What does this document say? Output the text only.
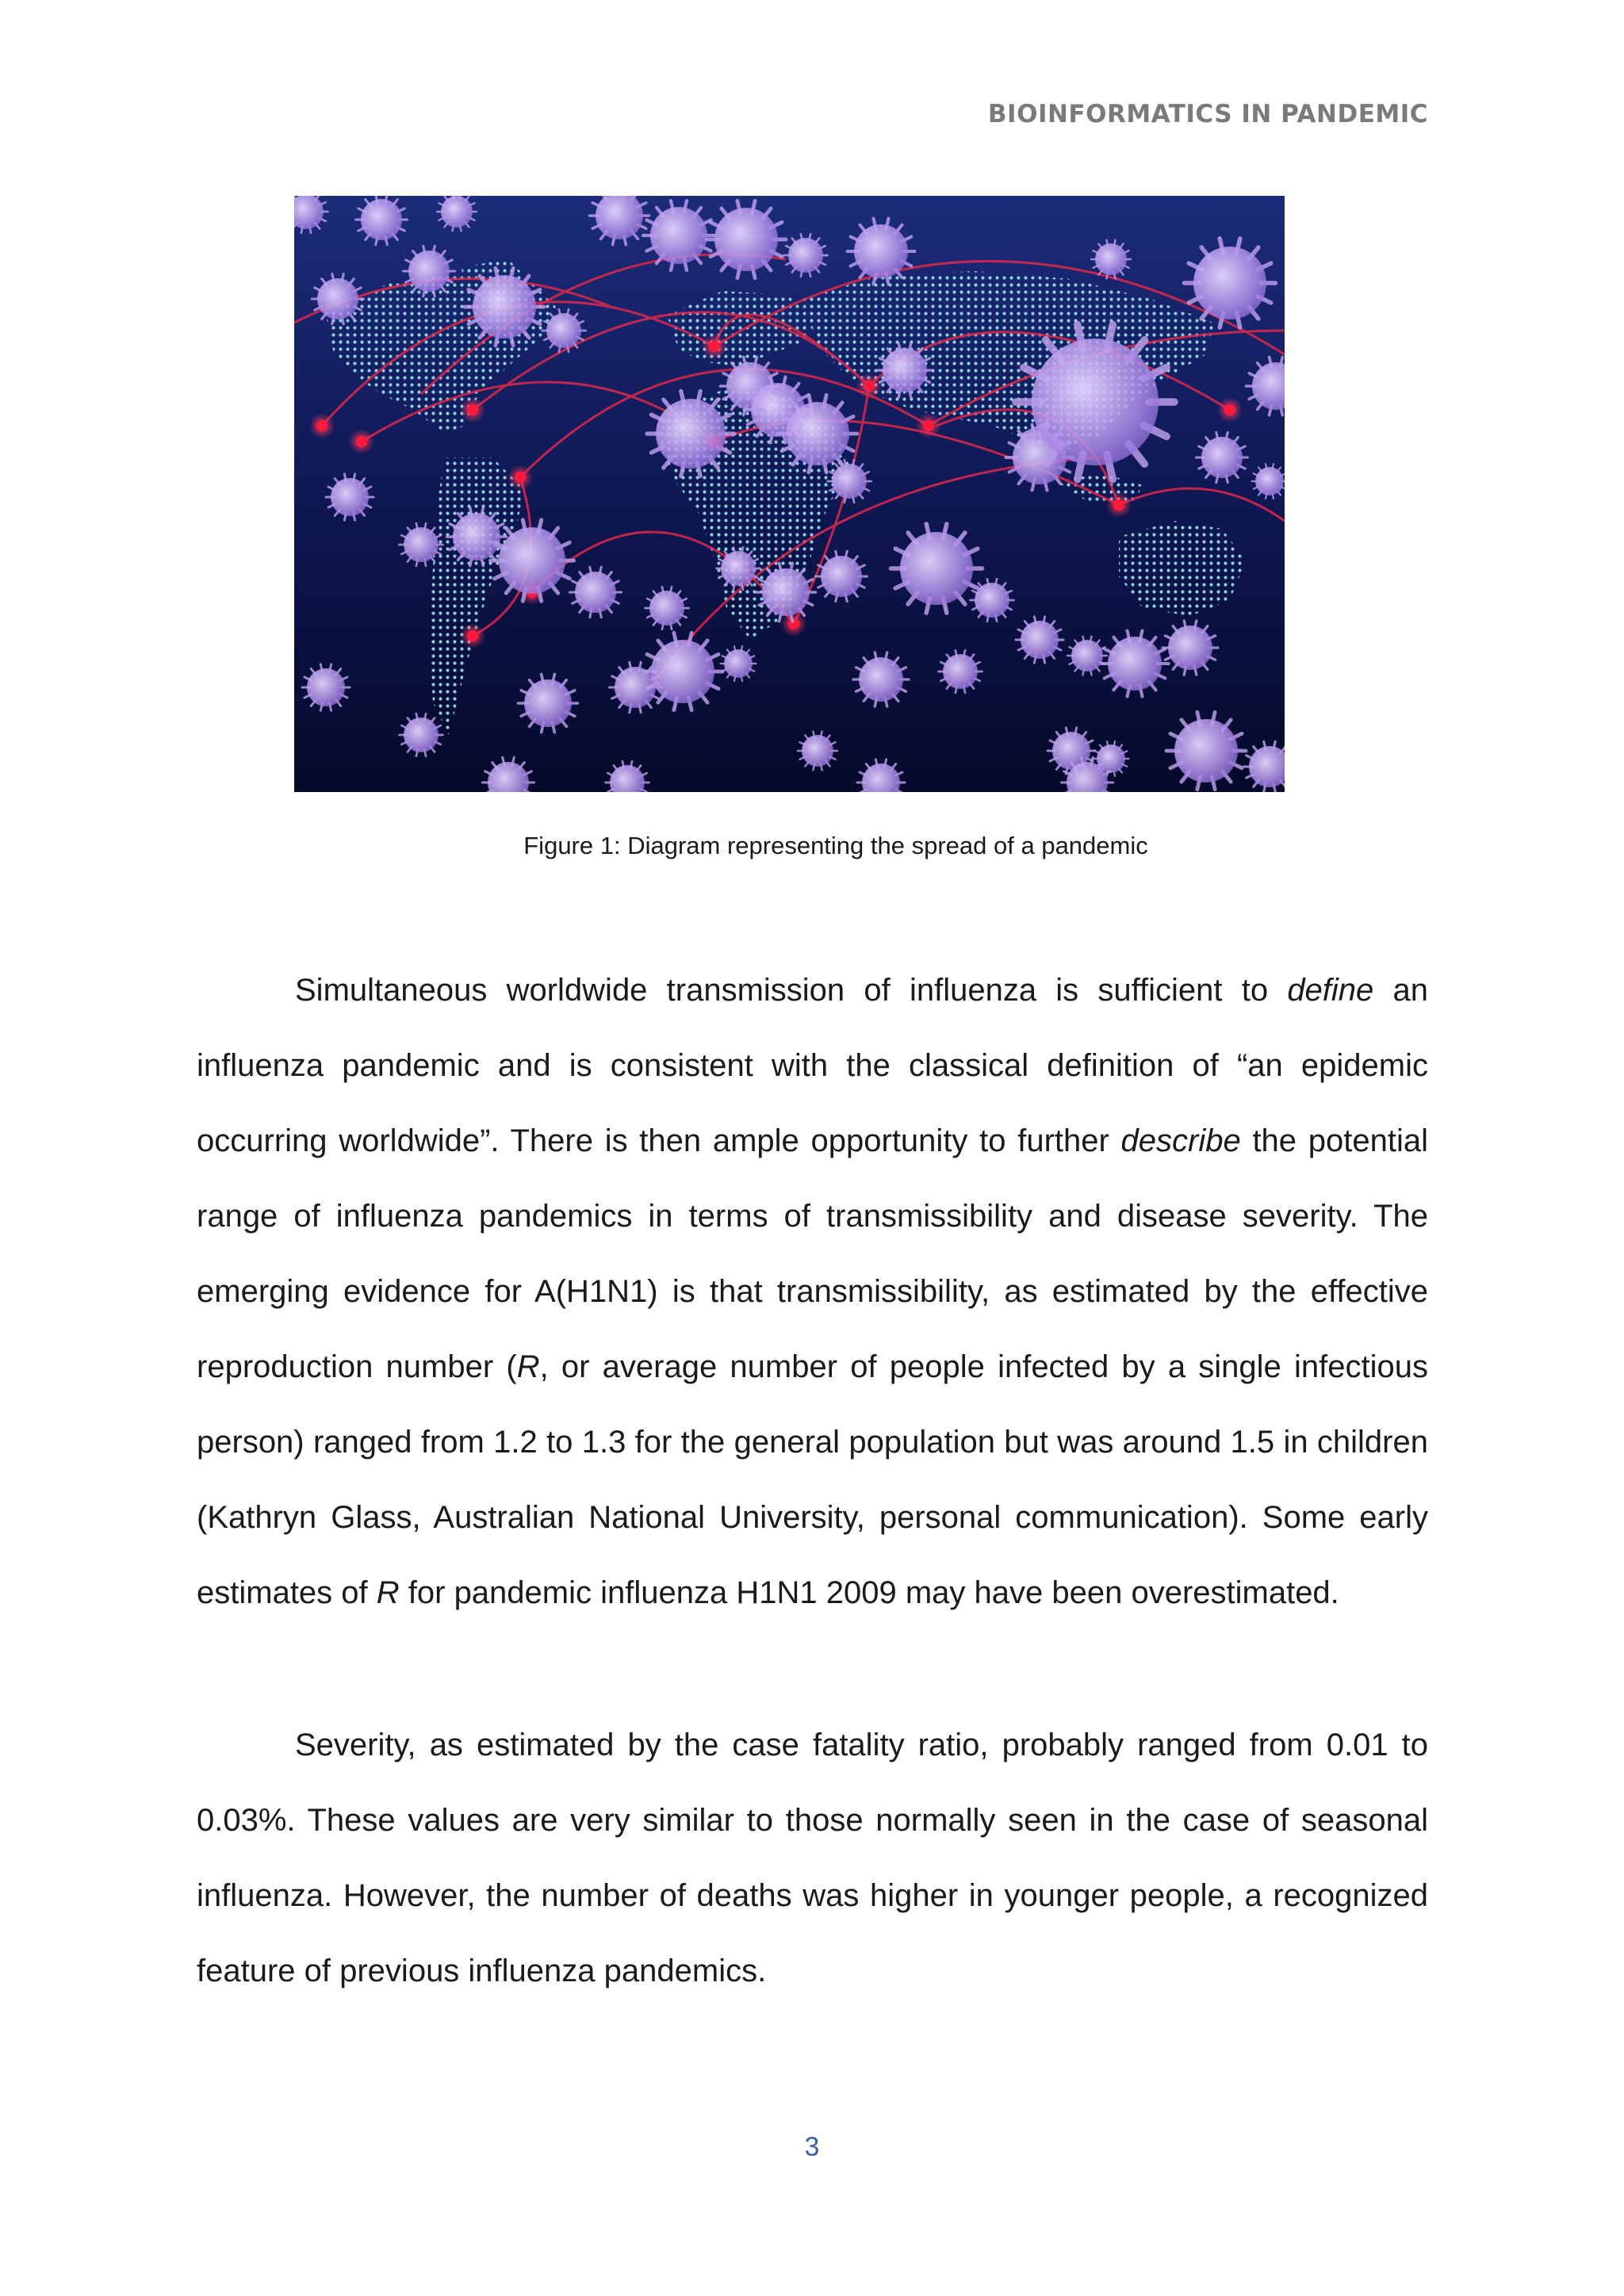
BIOINFORMATICS IN PANDEMIC
Figure 1: Diagram representing the spread of a pandemic

Simultaneous worldwide transmission of influenza is sufficient to define an influenza pandemic and is consistent with the classical definition of “an epidemic occurring worldwide”. There is then ample opportunity to further describe the potential range of influenza pandemics in terms of transmissibility and disease severity. The emerging evidence for A(H1N1) is that transmissibility, as estimated by the effective reproduction number (R, or average number of people infected by a single infectious person) ranged from 1.2 to 1.3 for the general population but was around 1.5 in children (Kathryn Glass, Australian National University, personal communication). Some early estimates of R for pandemic influenza H1N1 2009 may have been overestimated.

Severity, as estimated by the case fatality ratio, probably ranged from 0.01 to 0.03%. These values are very similar to those normally seen in the case of seasonal influenza. However, the number of deaths was higher in younger people, a recognized feature of previous influenza pandemics.

3
